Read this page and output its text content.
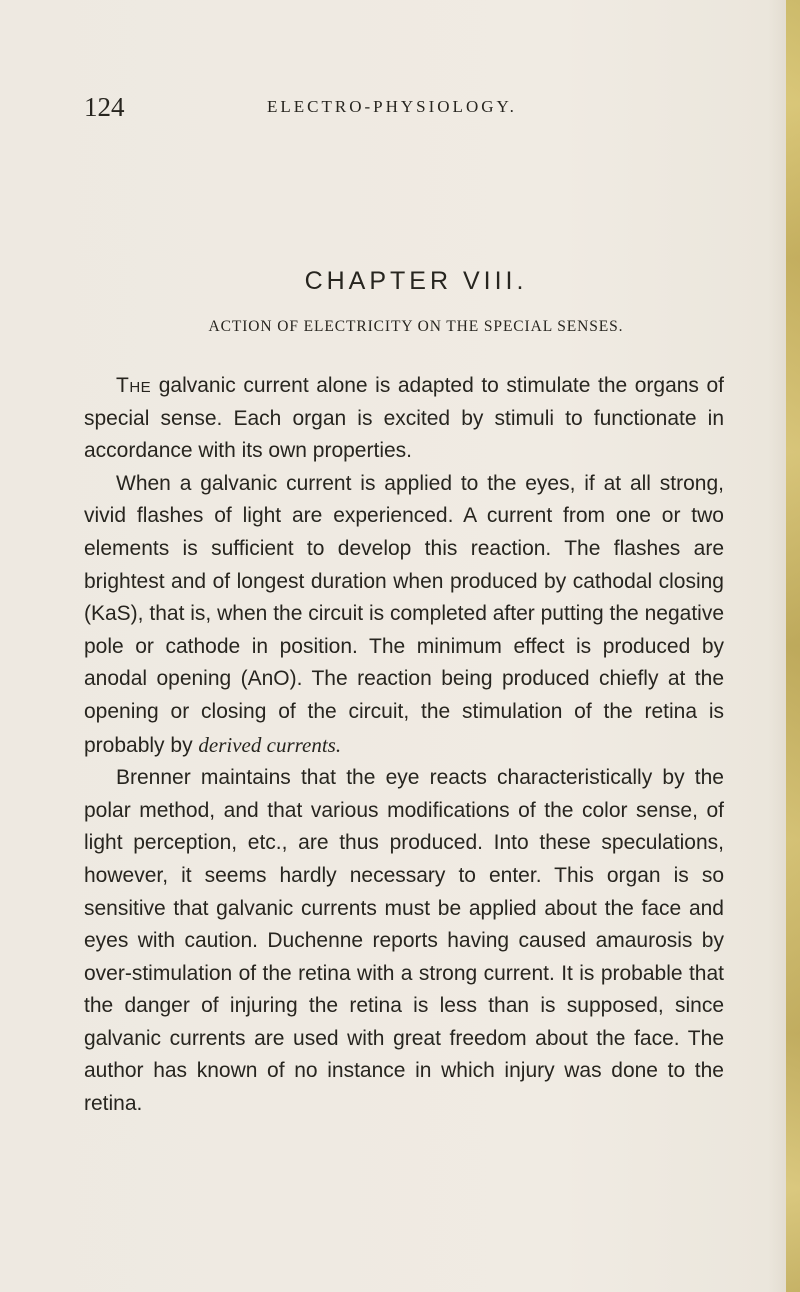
124	ELECTRO-PHYSIOLOGY.
CHAPTER VIII.
ACTION OF ELECTRICITY ON THE SPECIAL SENSES.

The galvanic current alone is adapted to stimulate the organs of special sense. Each organ is excited by stimuli to functionate in accordance with its own properties.

When a galvanic current is applied to the eyes, if at all strong, vivid flashes of light are experienced. A current from one or two elements is sufficient to develop this reaction. The flashes are brightest and of longest duration when produced by cathodal closing (KaS), that is, when the circuit is completed after putting the negative pole or cathode in position. The minimum effect is produced by anodal opening (AnO). The reaction being produced chiefly at the opening or closing of the circuit, the stimulation of the retina is probably by derived currents.

Brenner maintains that the eye reacts characteristically by the polar method, and that various modifications of the color sense, of light perception, etc., are thus produced. Into these speculations, however, it seems hardly necessary to enter. This organ is so sensitive that galvanic currents must be applied about the face and eyes with caution. Duchenne reports having caused amaurosis by over-stimulation of the retina with a strong current. It is probable that the danger of injuring the retina is less than is supposed, since galvanic currents are used with great freedom about the face. The author has known of no instance in which injury was done to the retina.
